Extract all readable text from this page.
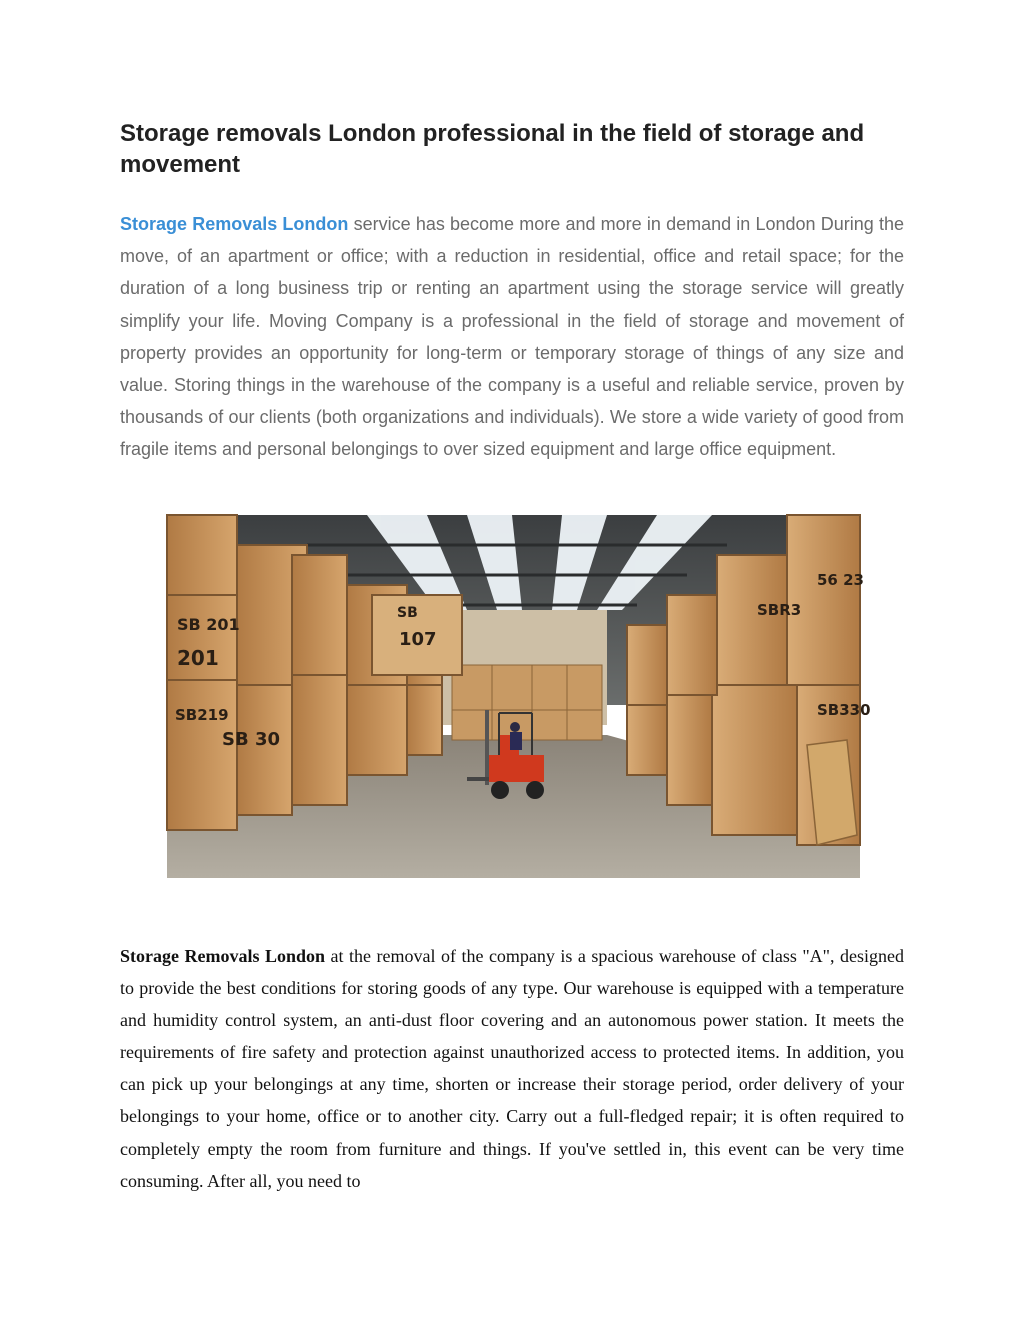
Storage removals London professional in the field of storage and movement

Storage Removals London service has become more and more in demand in London During the move, of an apartment or office; with a reduction in residential, office and retail space; for the duration of a long business trip or renting an apartment using the storage service will greatly simplify your life. Moving Company is a professional in the field of storage and movement of property provides an opportunity for long-term or temporary storage of things of any size and value. Storing things in the warehouse of the company is a useful and reliable service, proven by thousands of our clients (both organizations and individuals). We store a wide variety of good from fragile items and personal belongings to over sized equipment and large office equipment.

SB 201
201
SB219
SB 30
SB
107
SBR3
SB330
56 23

Storage Removals London at the removal of the company is a spacious warehouse of class "A", designed to provide the best conditions for storing goods of any type. Our warehouse is equipped with a temperature and humidity control system, an anti-dust floor covering and an autonomous power station. It meets the requirements of fire safety and protection against unauthorized access to protected items. In addition, you can pick up your belongings at any time, shorten or increase their storage period, order delivery of your belongings to your home, office or to another city. Carry out a full-fledged repair; it is often required to completely empty the room from furniture and things. If you've settled in, this event can be very time consuming. After all, you need to
